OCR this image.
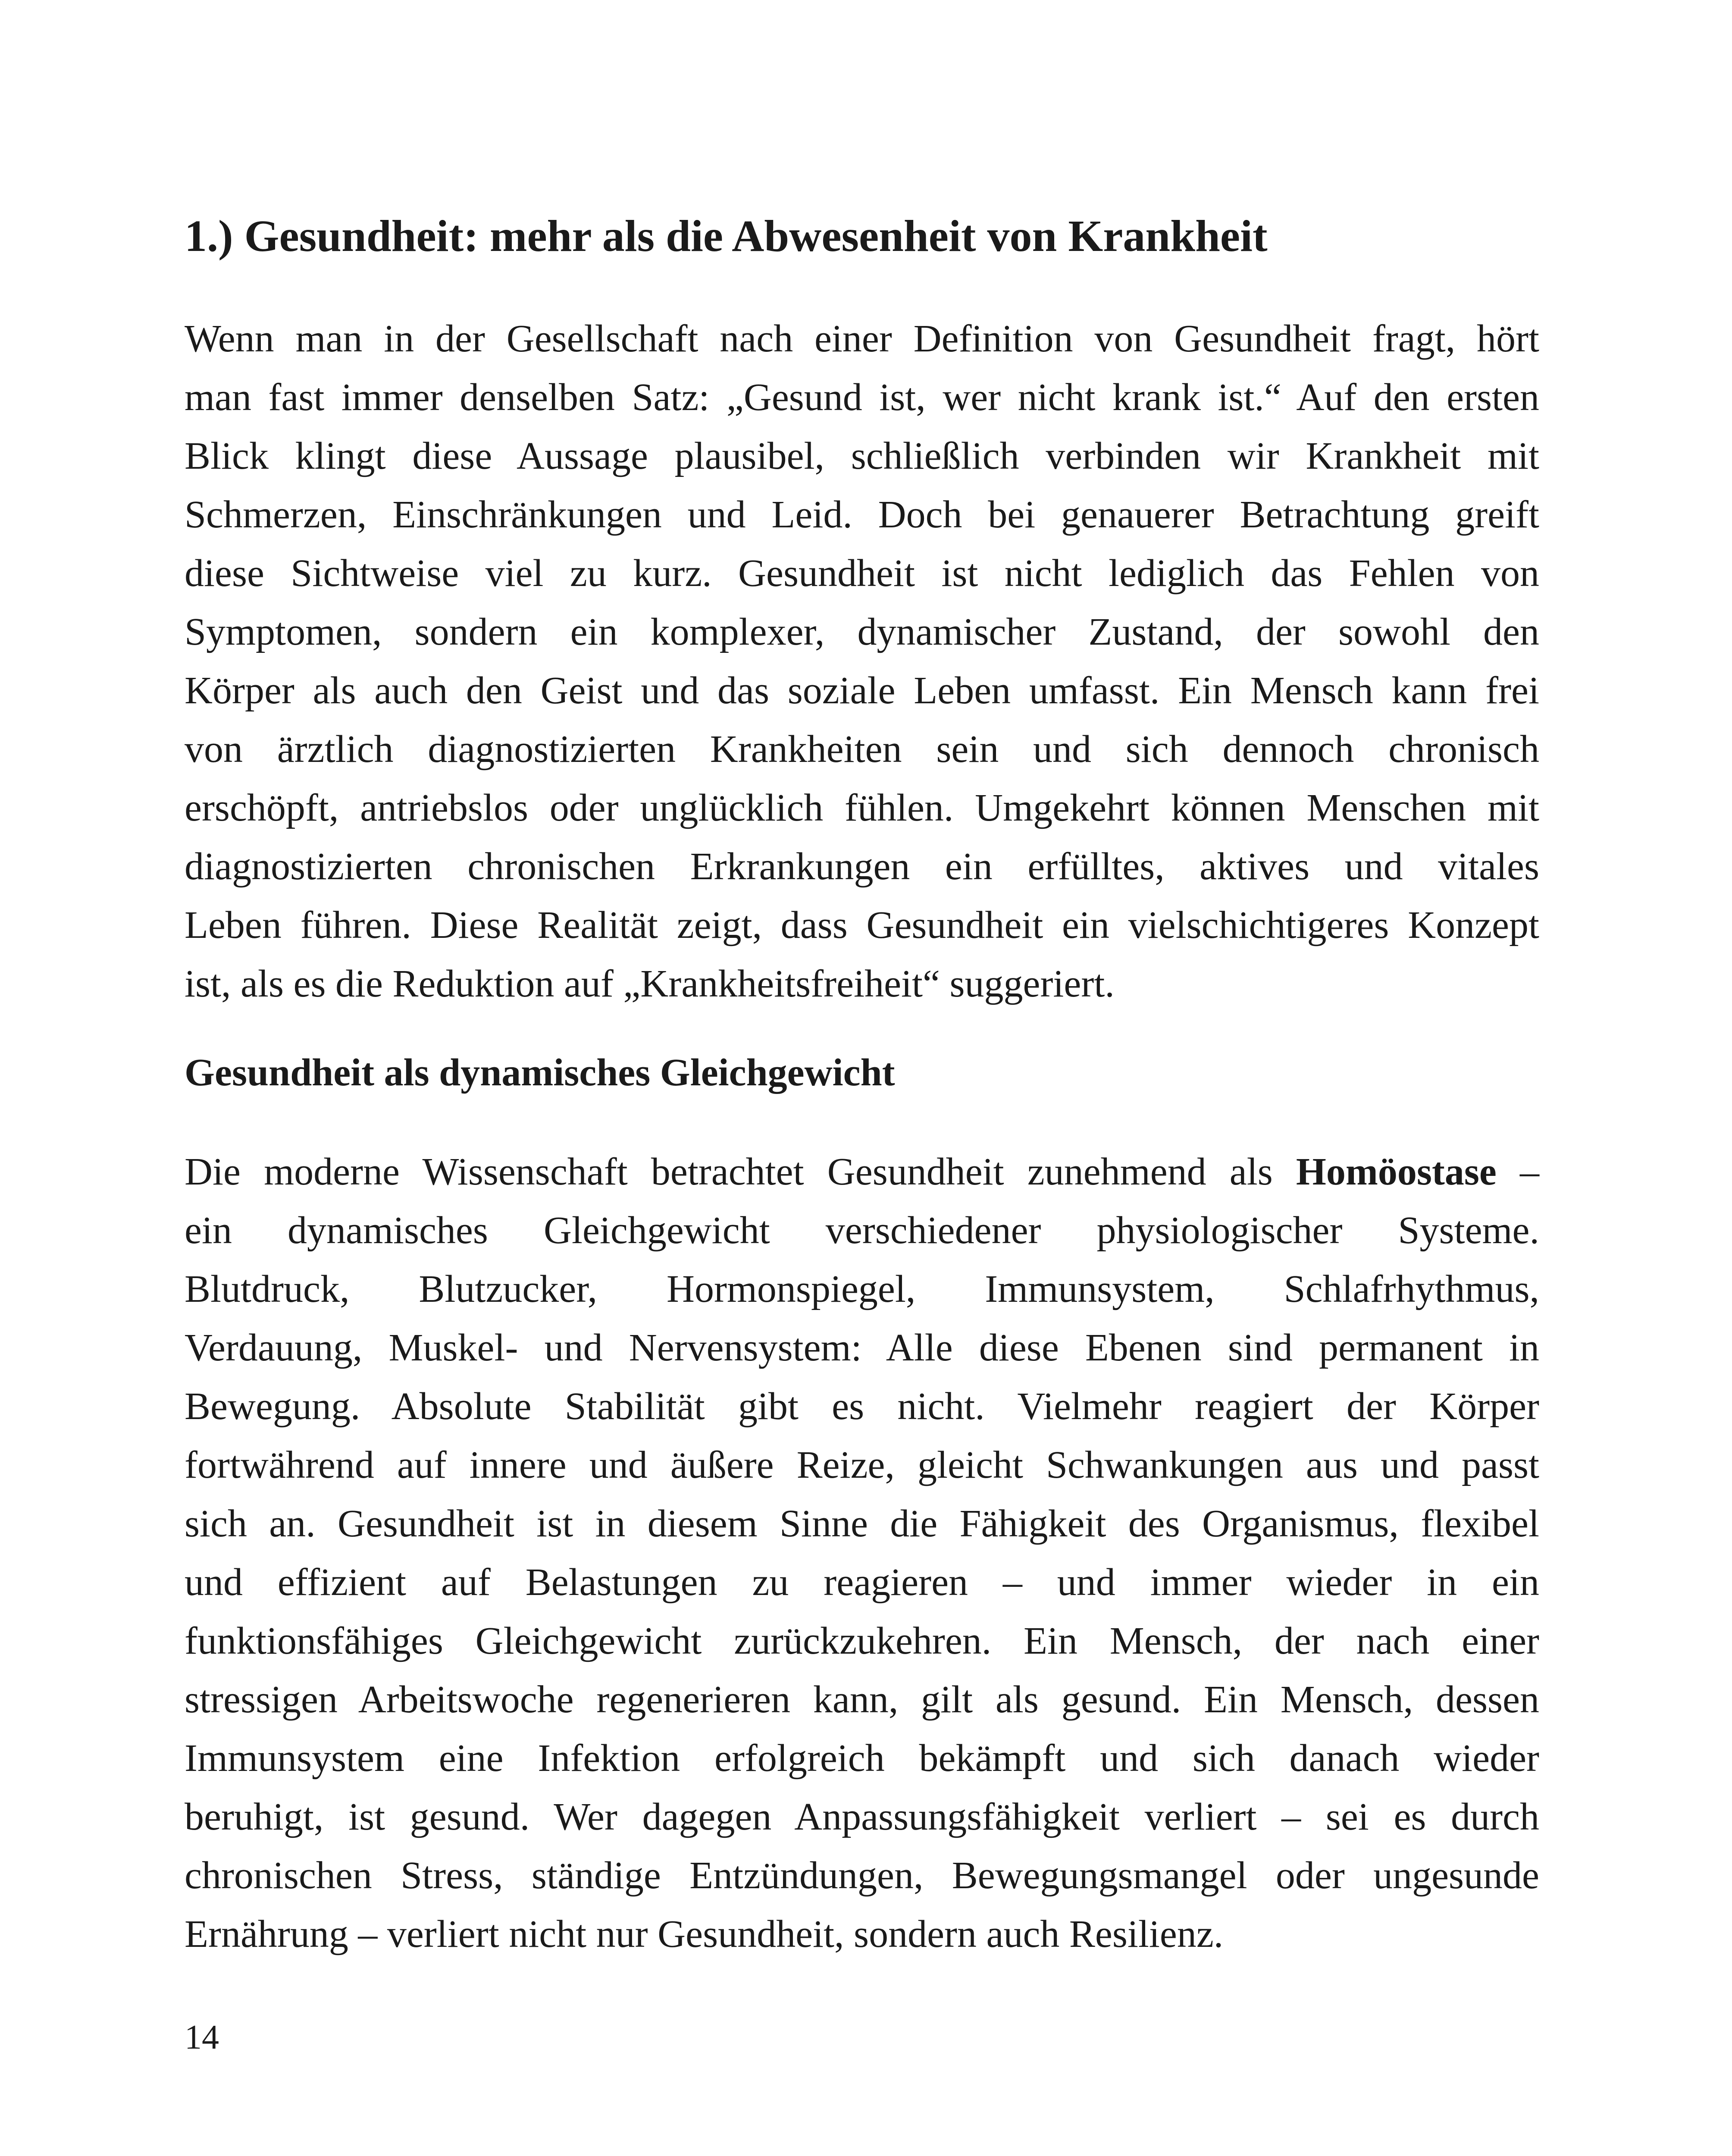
1.) Gesundheit: mehr als die Abwesenheit von Krankheit
Wenn man in der Gesellschaft nach einer Definition von Gesundheit fragt, hört
man fast immer denselben Satz: „Gesund ist, wer nicht krank ist.“ Auf den ersten
Blick klingt diese Aussage plausibel, schließlich verbinden wir Krankheit mit
Schmerzen, Einschränkungen und Leid. Doch bei genauerer Betrachtung greift
diese Sichtweise viel zu kurz. Gesundheit ist nicht lediglich das Fehlen von
Symptomen, sondern ein komplexer, dynamischer Zustand, der sowohl den
Körper als auch den Geist und das soziale Leben umfasst. Ein Mensch kann frei
von ärztlich diagnostizierten Krankheiten sein und sich dennoch chronisch
erschöpft, antriebslos oder unglücklich fühlen. Umgekehrt können Menschen mit
diagnostizierten chronischen Erkrankungen ein erfülltes, aktives und vitales
Leben führen. Diese Realität zeigt, dass Gesundheit ein vielschichtigeres Konzept
ist, als es die Reduktion auf „Krankheitsfreiheit“ suggeriert.
Gesundheit als dynamisches Gleichgewicht
Die moderne Wissenschaft betrachtet Gesundheit zunehmend als Homöostase –
ein dynamisches Gleichgewicht verschiedener physiologischer Systeme.
Blutdruck, Blutzucker, Hormonspiegel, Immunsystem, Schlafrhythmus,
Verdauung, Muskel- und Nervensystem: Alle diese Ebenen sind permanent in
Bewegung. Absolute Stabilität gibt es nicht. Vielmehr reagiert der Körper
fortwährend auf innere und äußere Reize, gleicht Schwankungen aus und passt
sich an. Gesundheit ist in diesem Sinne die Fähigkeit des Organismus, flexibel
und effizient auf Belastungen zu reagieren – und immer wieder in ein
funktionsfähiges Gleichgewicht zurückzukehren. Ein Mensch, der nach einer
stressigen Arbeitswoche regenerieren kann, gilt als gesund. Ein Mensch, dessen
Immunsystem eine Infektion erfolgreich bekämpft und sich danach wieder
beruhigt, ist gesund. Wer dagegen Anpassungsfähigkeit verliert – sei es durch
chronischen Stress, ständige Entzündungen, Bewegungsmangel oder ungesunde
Ernährung – verliert nicht nur Gesundheit, sondern auch Resilienz.
14
